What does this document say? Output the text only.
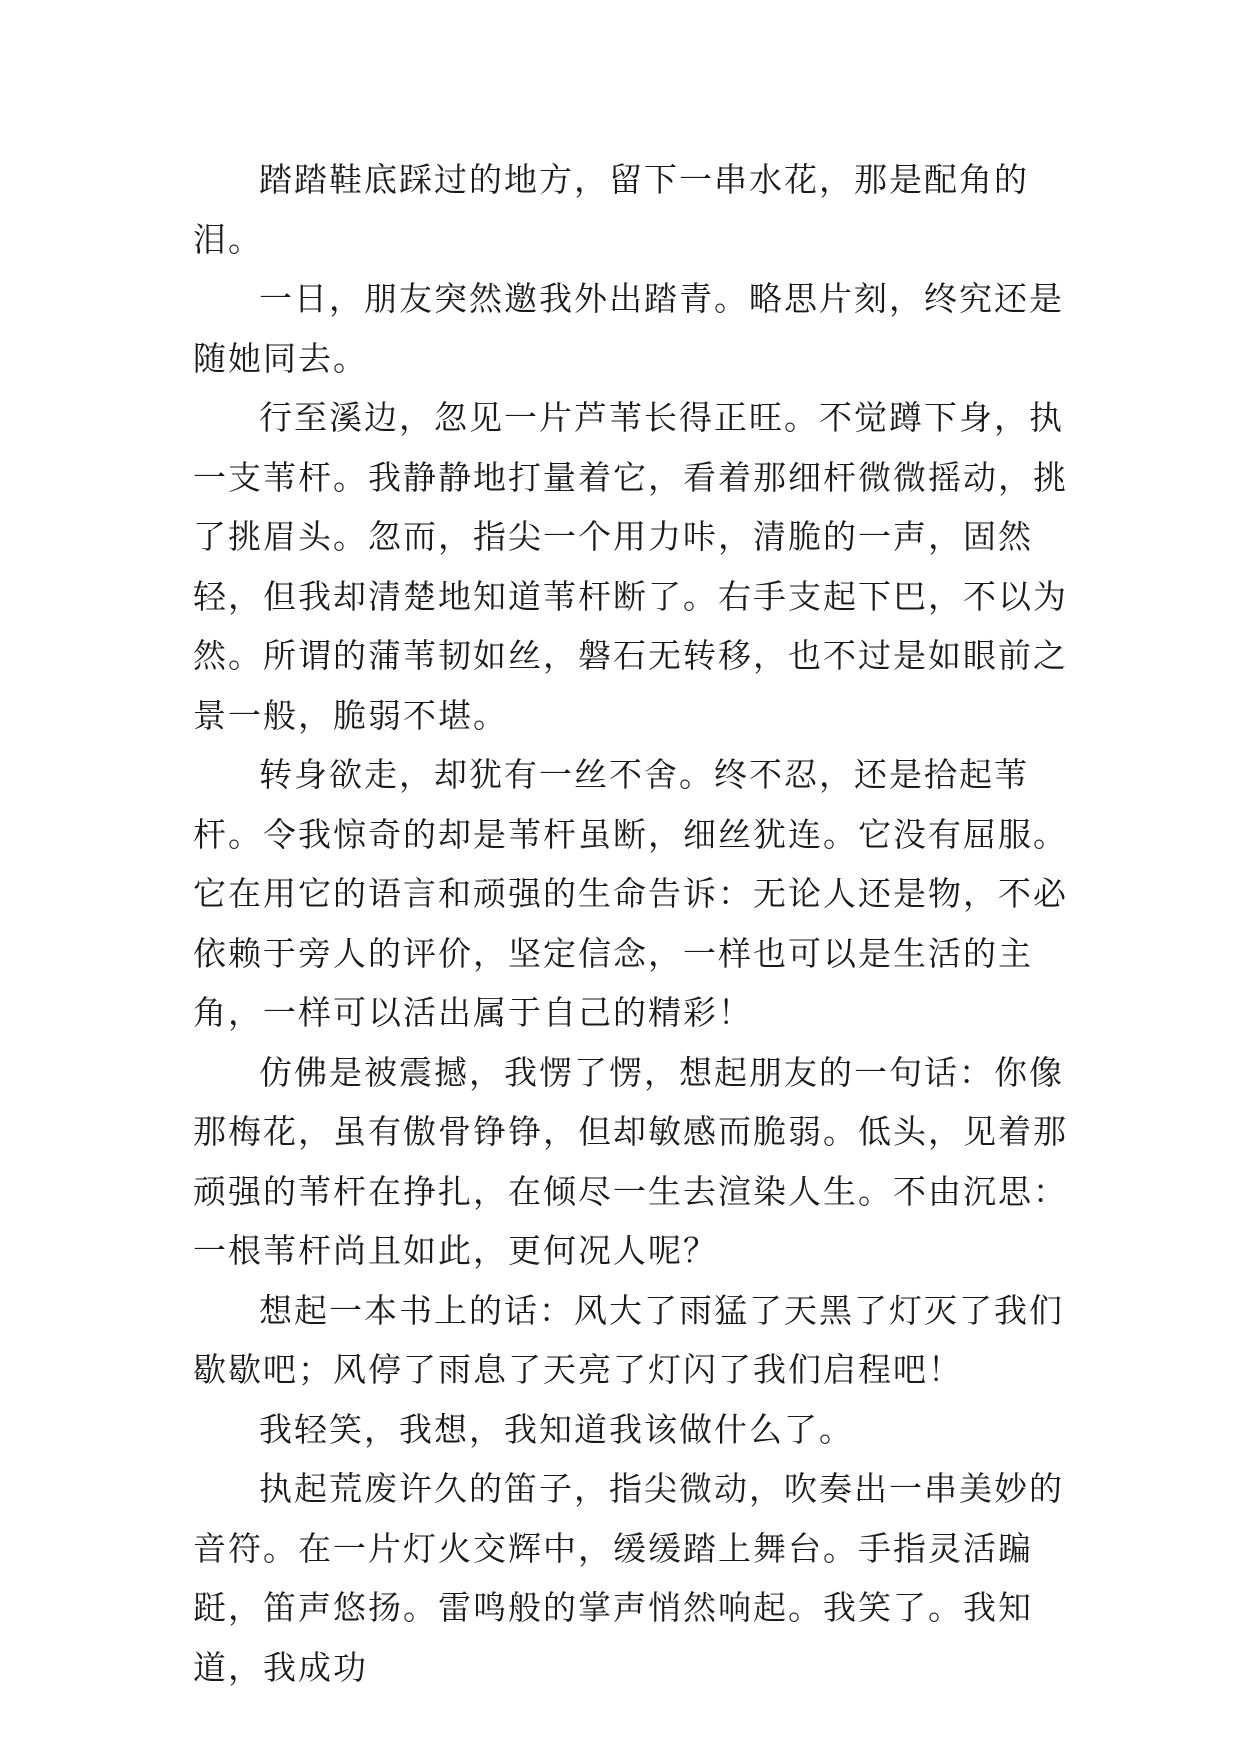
踏踏鞋底踩过的地方，留下一串水花，那是配角的泪。

一日，朋友突然邀我外出踏青。略思片刻，终究还是随她同去。

行至溪边，忽见一片芦苇长得正旺。不觉蹲下身，执一支苇杆。我静静地打量着它，看着那细杆微微摇动，挑了挑眉头。忽而，指尖一个用力咔，清脆的一声，固然轻，但我却清楚地知道苇杆断了。右手支起下巴，不以为然。所谓的蒲苇韧如丝，磐石无转移，也不过是如眼前之景一般，脆弱不堪。

转身欲走，却犹有一丝不舍。终不忍，还是拾起苇杆。令我惊奇的却是苇杆虽断，细丝犹连。它没有屈服。它在用它的语言和顽强的生命告诉：无论人还是物，不必依赖于旁人的评价，坚定信念，一样也可以是生活的主角，一样可以活出属于自己的精彩！

仿佛是被震撼，我愣了愣，想起朋友的一句话：你像那梅花，虽有傲骨铮铮，但却敏感而脆弱。低头，见着那顽强的苇杆在挣扎，在倾尽一生去渲染人生。不由沉思：一根苇杆尚且如此，更何况人呢？

想起一本书上的话：风大了雨猛了天黑了灯灭了我们歇歇吧；风停了雨息了天亮了灯闪了我们启程吧！

我轻笑，我想，我知道我该做什么了。

执起荒废许久的笛子，指尖微动，吹奏出一串美妙的音符。在一片灯火交辉中，缓缓踏上舞台。手指灵活蹁跹，笛声悠扬。雷鸣般的掌声悄然响起。我笑了。我知道，我成功
